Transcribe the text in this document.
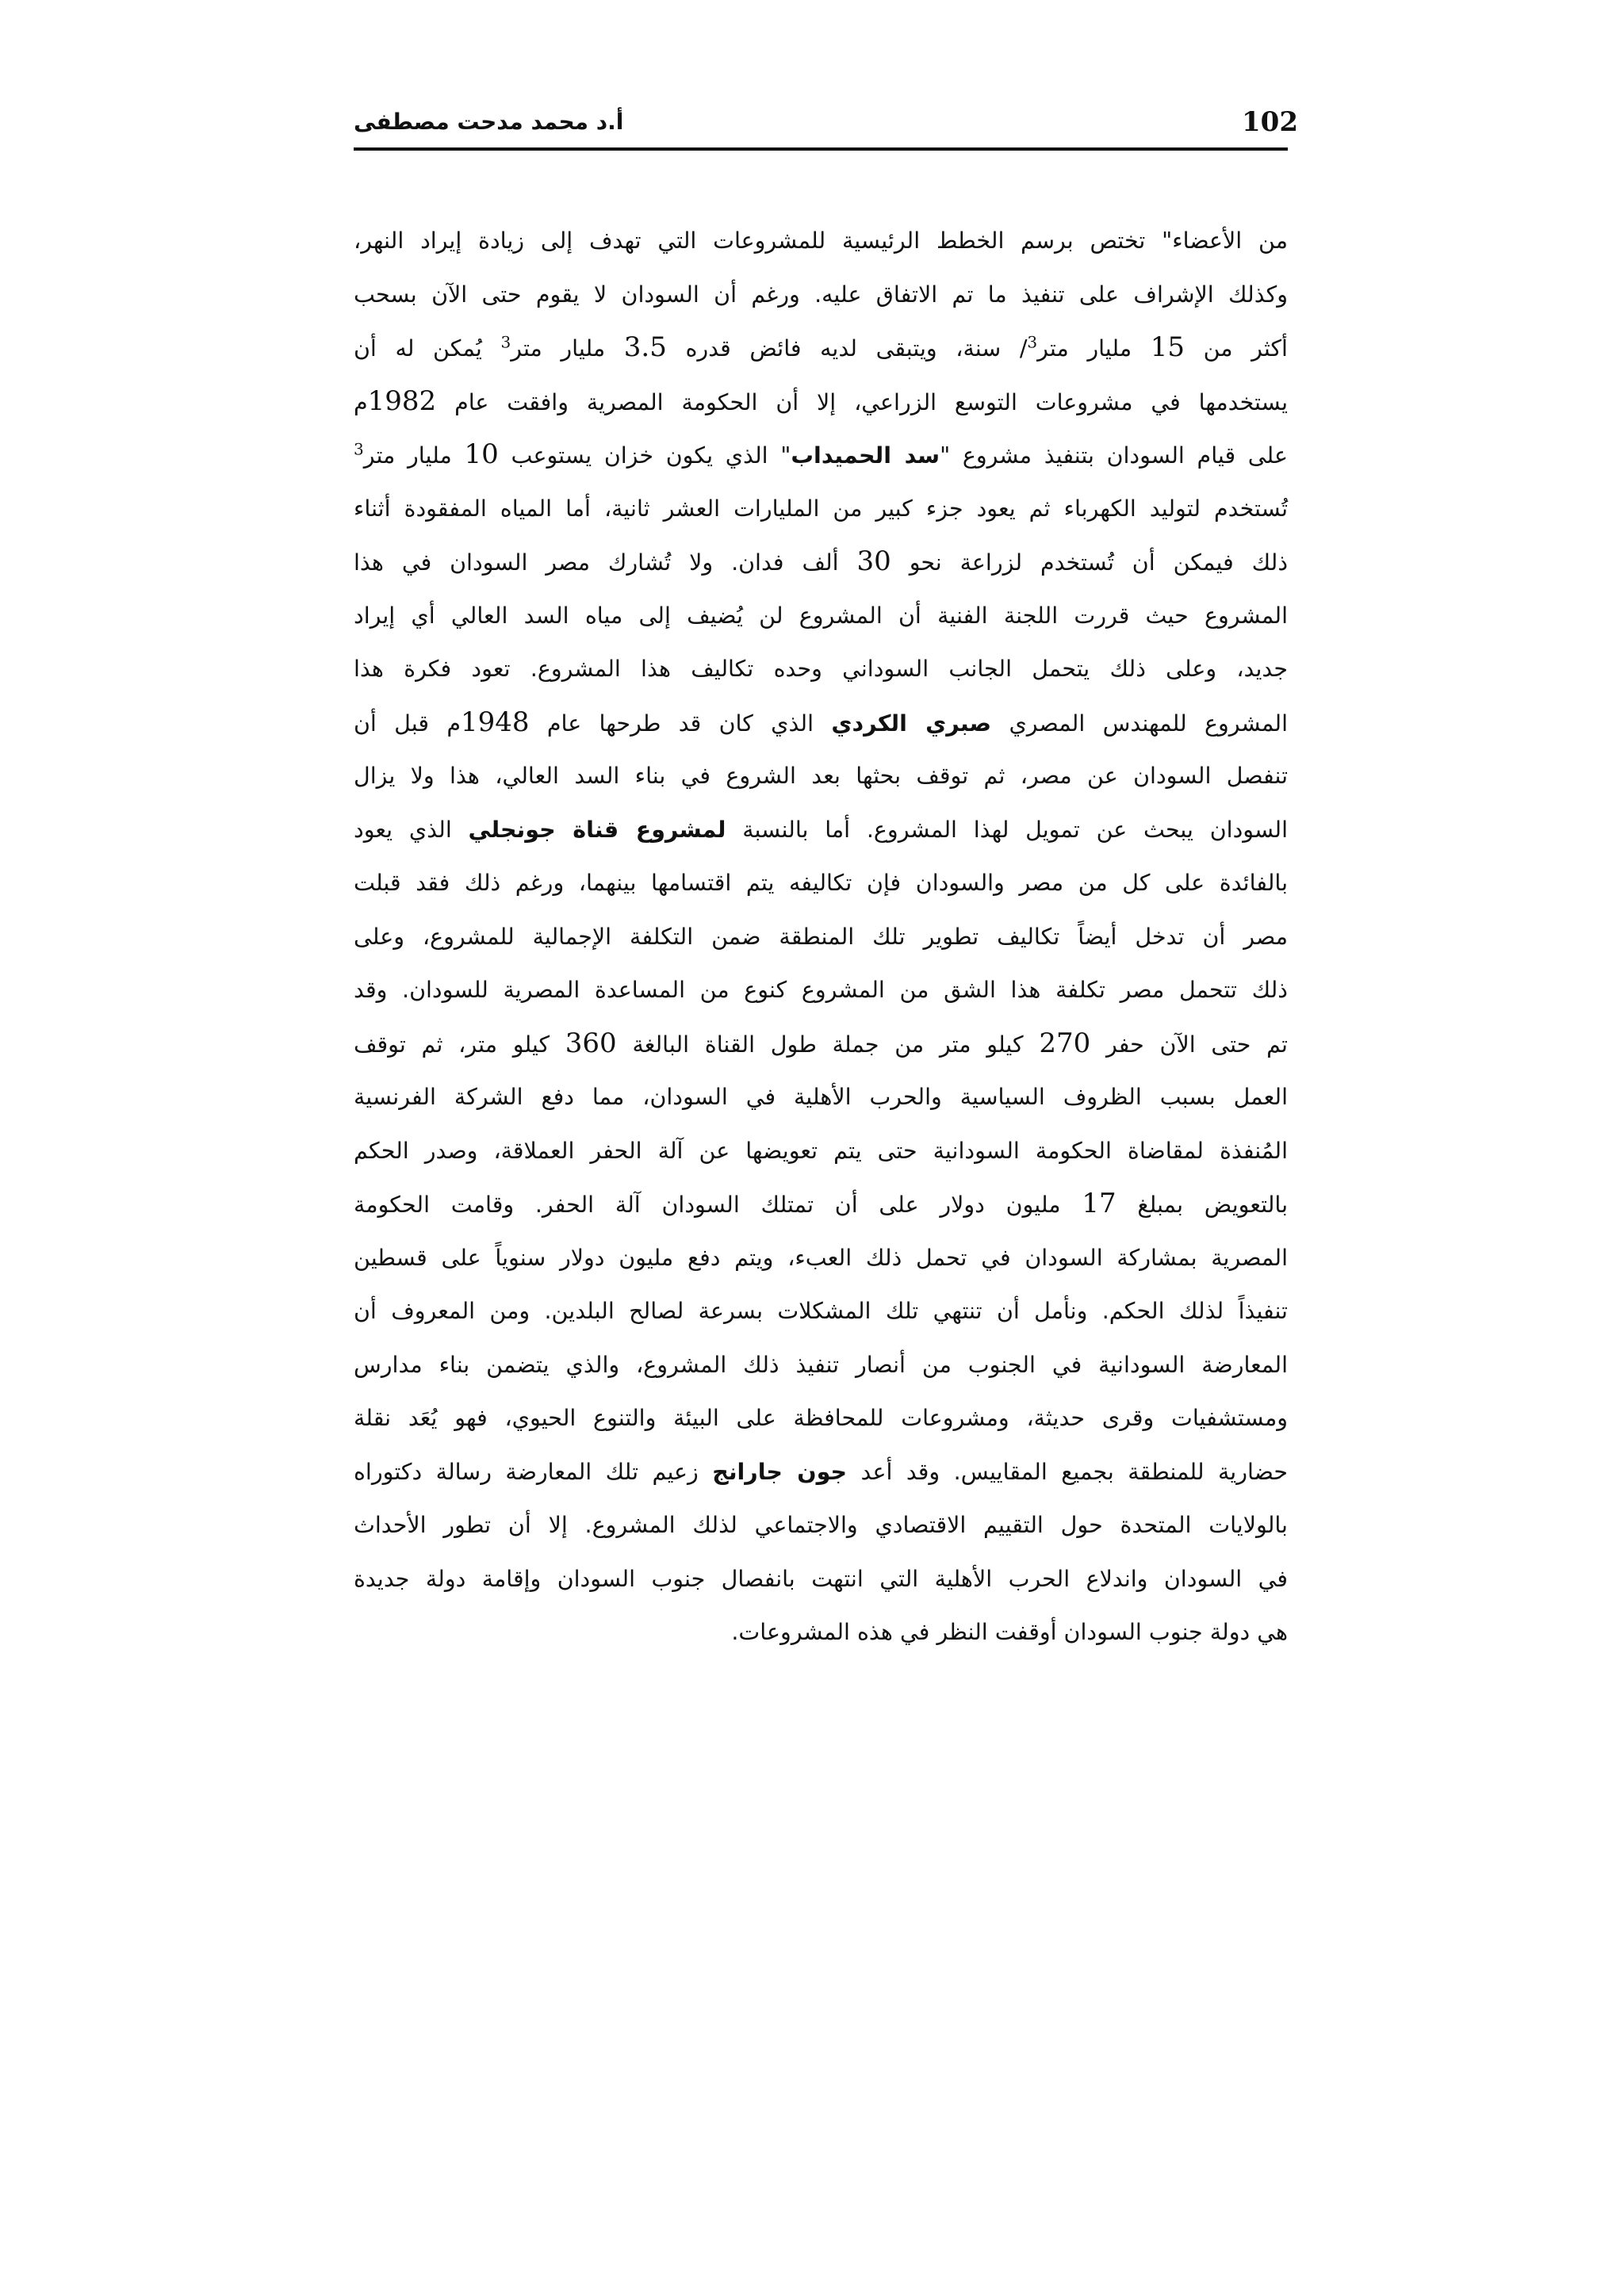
102
أ.د محمد مدحت مصطفى
من الأعضاء" تختص برسم الخطط الرئيسية للمشروعات التي تهدف إلى زيادة إيراد النهر،
وكذلك الإشراف على تنفيذ ما تم الاتفاق عليه. ورغم أن السودان لا يقوم حتى الآن بسحب
أكثر من 15 مليار متر$^3$/ سنة، ويتبقى لديه فائض قدره 3.5 مليار متر$^3$ يُمكن له أن
يستخدمها في مشروعات التوسع الزراعي، إلا أن الحكومة المصرية وافقت عام 1982م
على قيام السودان بتنفيذ مشروع "سد الحميداب" الذي يكون خزان يستوعب 10 مليار متر$^3$
تُستخدم لتوليد الكهرباء ثم يعود جزء كبير من المليارات العشر ثانية، أما المياه المفقودة أثناء
ذلك فيمكن أن تُستخدم لزراعة نحو 30 ألف فدان. ولا تُشارك مصر السودان في هذا
المشروع حيث قررت اللجنة الفنية أن المشروع لن يُضيف إلى مياه السد العالي أي إيراد
جديد، وعلى ذلك يتحمل الجانب السوداني وحده تكاليف هذا المشروع. تعود فكرة هذا
المشروع للمهندس المصري صبري الكردي الذي كان قد طرحها عام 1948م قبل أن
تنفصل السودان عن مصر، ثم توقف بحثها بعد الشروع في بناء السد العالي، هذا ولا يزال
السودان يبحث عن تمويل لهذا المشروع. أما بالنسبة لمشروع قناة جونجلي الذي يعود
بالفائدة على كل من مصر والسودان فإن تكاليفه يتم اقتسامها بينهما، ورغم ذلك فقد قبلت
مصر أن تدخل أيضاً تكاليف تطوير تلك المنطقة ضمن التكلفة الإجمالية للمشروع، وعلى
ذلك تتحمل مصر تكلفة هذا الشق من المشروع كنوع من المساعدة المصرية للسودان. وقد
تم حتى الآن حفر 270 كيلو متر من جملة طول القناة البالغة 360 كيلو متر، ثم توقف
العمل بسبب الظروف السياسية والحرب الأهلية في السودان، مما دفع الشركة الفرنسية
المُنفذة لمقاضاة الحكومة السودانية حتى يتم تعويضها عن آلة الحفر العملاقة، وصدر الحكم
بالتعويض بمبلغ 17 مليون دولار على أن تمتلك السودان آلة الحفر. وقامت الحكومة
المصرية بمشاركة السودان في تحمل ذلك العبء، ويتم دفع مليون دولار سنوياً على قسطين
تنفيذاً لذلك الحكم. ونأمل أن تنتهي تلك المشكلات بسرعة لصالح البلدين. ومن المعروف أن
المعارضة السودانية في الجنوب من أنصار تنفيذ ذلك المشروع، والذي يتضمن بناء مدارس
ومستشفيات وقرى حديثة، ومشروعات للمحافظة على البيئة والتنوع الحيوي، فهو يُعَد نقلة
حضارية للمنطقة بجميع المقاييس. وقد أعد جون جارانج زعيم تلك المعارضة رسالة دكتوراه
بالولايات المتحدة حول التقييم الاقتصادي والاجتماعي لذلك المشروع. إلا أن تطور الأحداث
في السودان واندلاع الحرب الأهلية التي انتهت بانفصال جنوب السودان وإقامة دولة جديدة
هي دولة جنوب السودان أوقفت النظر في هذه المشروعات.
